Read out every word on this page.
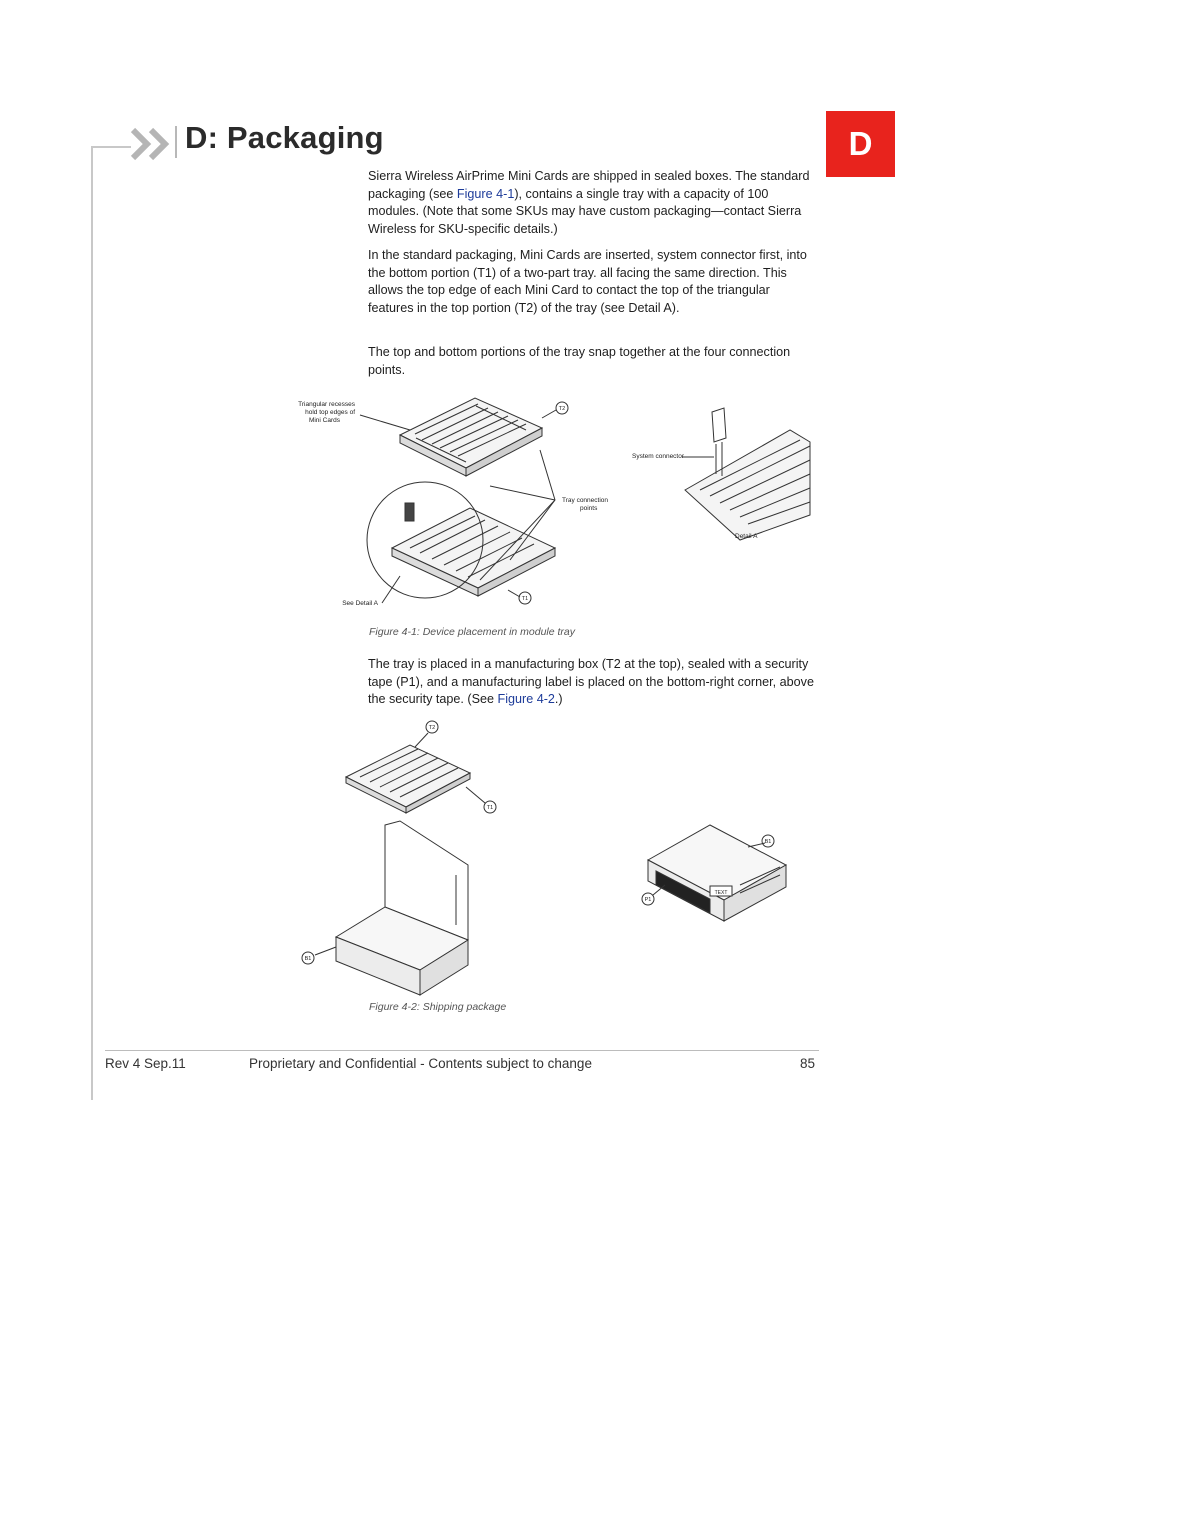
D: Packaging	D
Sierra Wireless AirPrime Mini Cards are shipped in sealed boxes. The standard packaging (see Figure 4-1), contains a single tray with a capacity of 100 modules. (Note that some SKUs may have custom packaging—contact Sierra Wireless for SKU-specific details.)
In the standard packaging, Mini Cards are inserted, system connector first, into the bottom portion (T1) of a two-part tray. all facing the same direction. This allows the top edge of each Mini Card to contact the top of the triangular features in the top portion (T2) of the tray (see Detail A).
The top and bottom portions of the tray snap together at the four connection points.
Triangular recesses
hold top edges of
Mini Cards
T2
Tray connection
points
T1
See Detail A
System connector
Detail A
Figure 4-1: Device placement in module tray
The tray is placed in a manufacturing box (T2 at the top), sealed with a security tape (P1), and a manufacturing label is placed on the bottom-right corner, above the security tape. (See Figure 4-2.)
T2
T1
B1
B1
P1
TEXT
Figure 4-2: Shipping package
Rev 4 Sep.11	Proprietary and Confidential - Contents subject to change	85
